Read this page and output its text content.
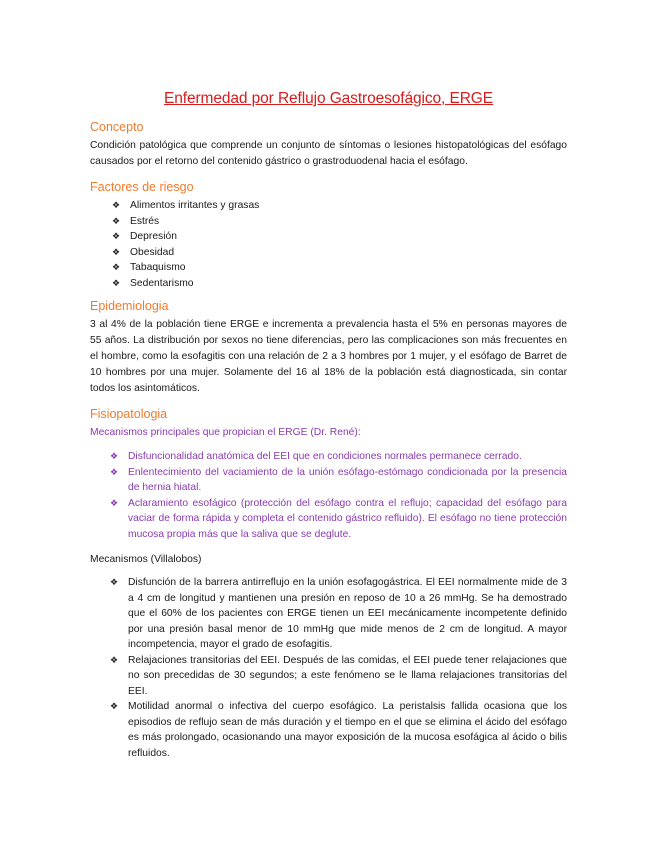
Enfermedad por Reflujo Gastroesofágico, ERGE
Concepto

Condición patológica que comprende un conjunto de síntomas o lesiones histopatológicas del esófago causados por el retorno del contenido gástrico o grastroduodenal hacia el esófago.

Factores de riesgo
❖ Alimentos irritantes y grasas
❖ Estrés
❖ Depresión
❖ Obesidad
❖ Tabaquismo
❖ Sedentarismo
Epidemiologia

3 al 4% de la población tiene ERGE e incrementa a prevalencia hasta el 5% en personas mayores de 55 años. La distribución por sexos no tiene diferencias, pero las complicaciones son más frecuentes en el hombre, como la esofagitis con una relación de 2 a 3 hombres por 1 mujer, y el esófago de Barret de 10 hombres por una mujer. Solamente del 16 al 18% de la población está diagnosticada, sin contar todos los asintomáticos.

Fisiopatologia

Mecanismos principales que propician el ERGE (Dr. René):

❖ Disfuncionalidad anatómica del EEI que en condiciones normales permanece cerrado.
❖ Enlentecimiento del vaciamiento de la unión esófago-estómago condicionada por la presencia de hernia hiatal.
❖ Aclaramiento esofágico (protección del esófago contra el reflujo; capacidad del esófago para vaciar de forma rápida y completa el contenido gástrico refluido). El esófago no tiene protección mucosa propia más que la saliva que se deglute.

Mecanismos (Villalobos)

❖ Disfunción de la barrera antirreflujo en la unión esofagogástrica. El EEI normalmente mide de 3 a 4 cm de longitud y mantienen una presión en reposo de 10 a 26 mmHg. Se ha demostrado que el 60% de los pacientes con ERGE tienen un EEI mecánicamente incompetente definido por una presión basal menor de 10 mmHg que mide menos de 2 cm de longitud. A mayor incompetencia, mayor el grado de esofagitis.
❖ Relajaciones transitorias del EEI. Después de las comidas, el EEI puede tener relajaciones que no son precedidas de 30 segundos; a este fenómeno se le llama relajaciones transitorias del EEI.
❖ Motilidad anormal o infectiva del cuerpo esofágico. La peristalsis fallida ocasiona que los episodios de reflujo sean de más duración y el tiempo en el que se elimina el ácido del esófago es más prolongado, ocasionando una mayor exposición de la mucosa esofágica al ácido o bilis refluidos.
